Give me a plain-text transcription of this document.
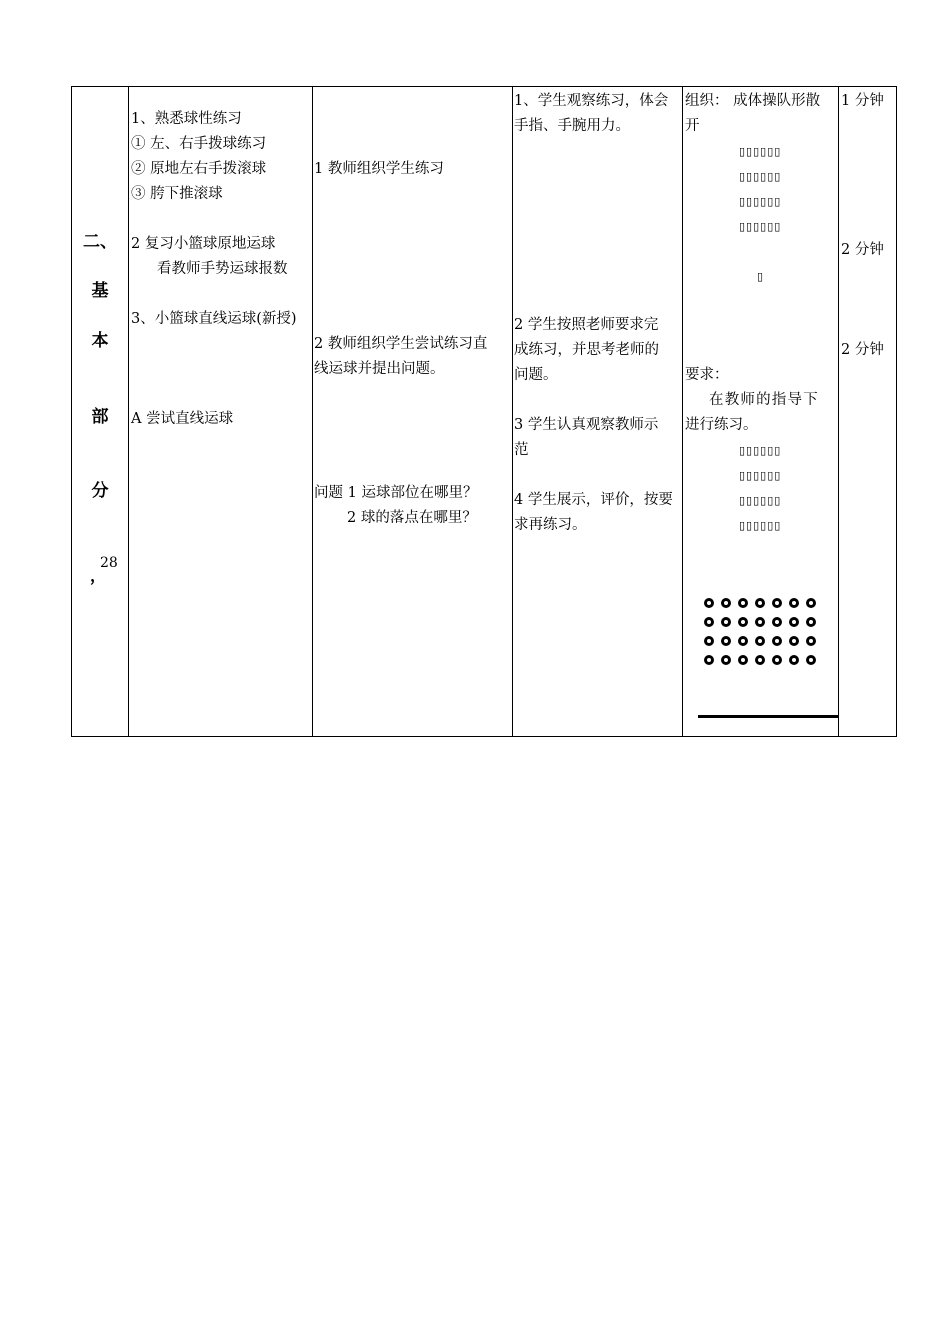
二、
基
本
部
分
28
，
1、熟悉球性练习
① 左、右手拨球练习
② 原地左右手拨滚球
③ 胯下推滚球
2 复习小篮球原地运球
看教师手势运球报数
3、小篮球直线运球(新授)
A 尝试直线运球
1 教师组织学生练习
2 教师组织学生尝试练习直
线运球并提出问题。
问题 1 运球部位在哪里？
2 球的落点在哪里？
1、学生观察练习，体会
手指、手腕用力。
2 学生按照老师要求完
成练习，并思考老师的
问题。
3 学生认真观察教师示
范
4 学生展示，评价，按要
求再练习。
组织： 成体操队形散
开
▯▯▯▯▯▯
▯▯▯▯▯▯
▯▯▯▯▯▯
▯▯▯▯▯▯
▯
要求：
在教师的指导下
进行练习。
▯▯▯▯▯▯
▯▯▯▯▯▯
▯▯▯▯▯▯
▯▯▯▯▯▯
1 分钟
2 分钟
2 分钟
